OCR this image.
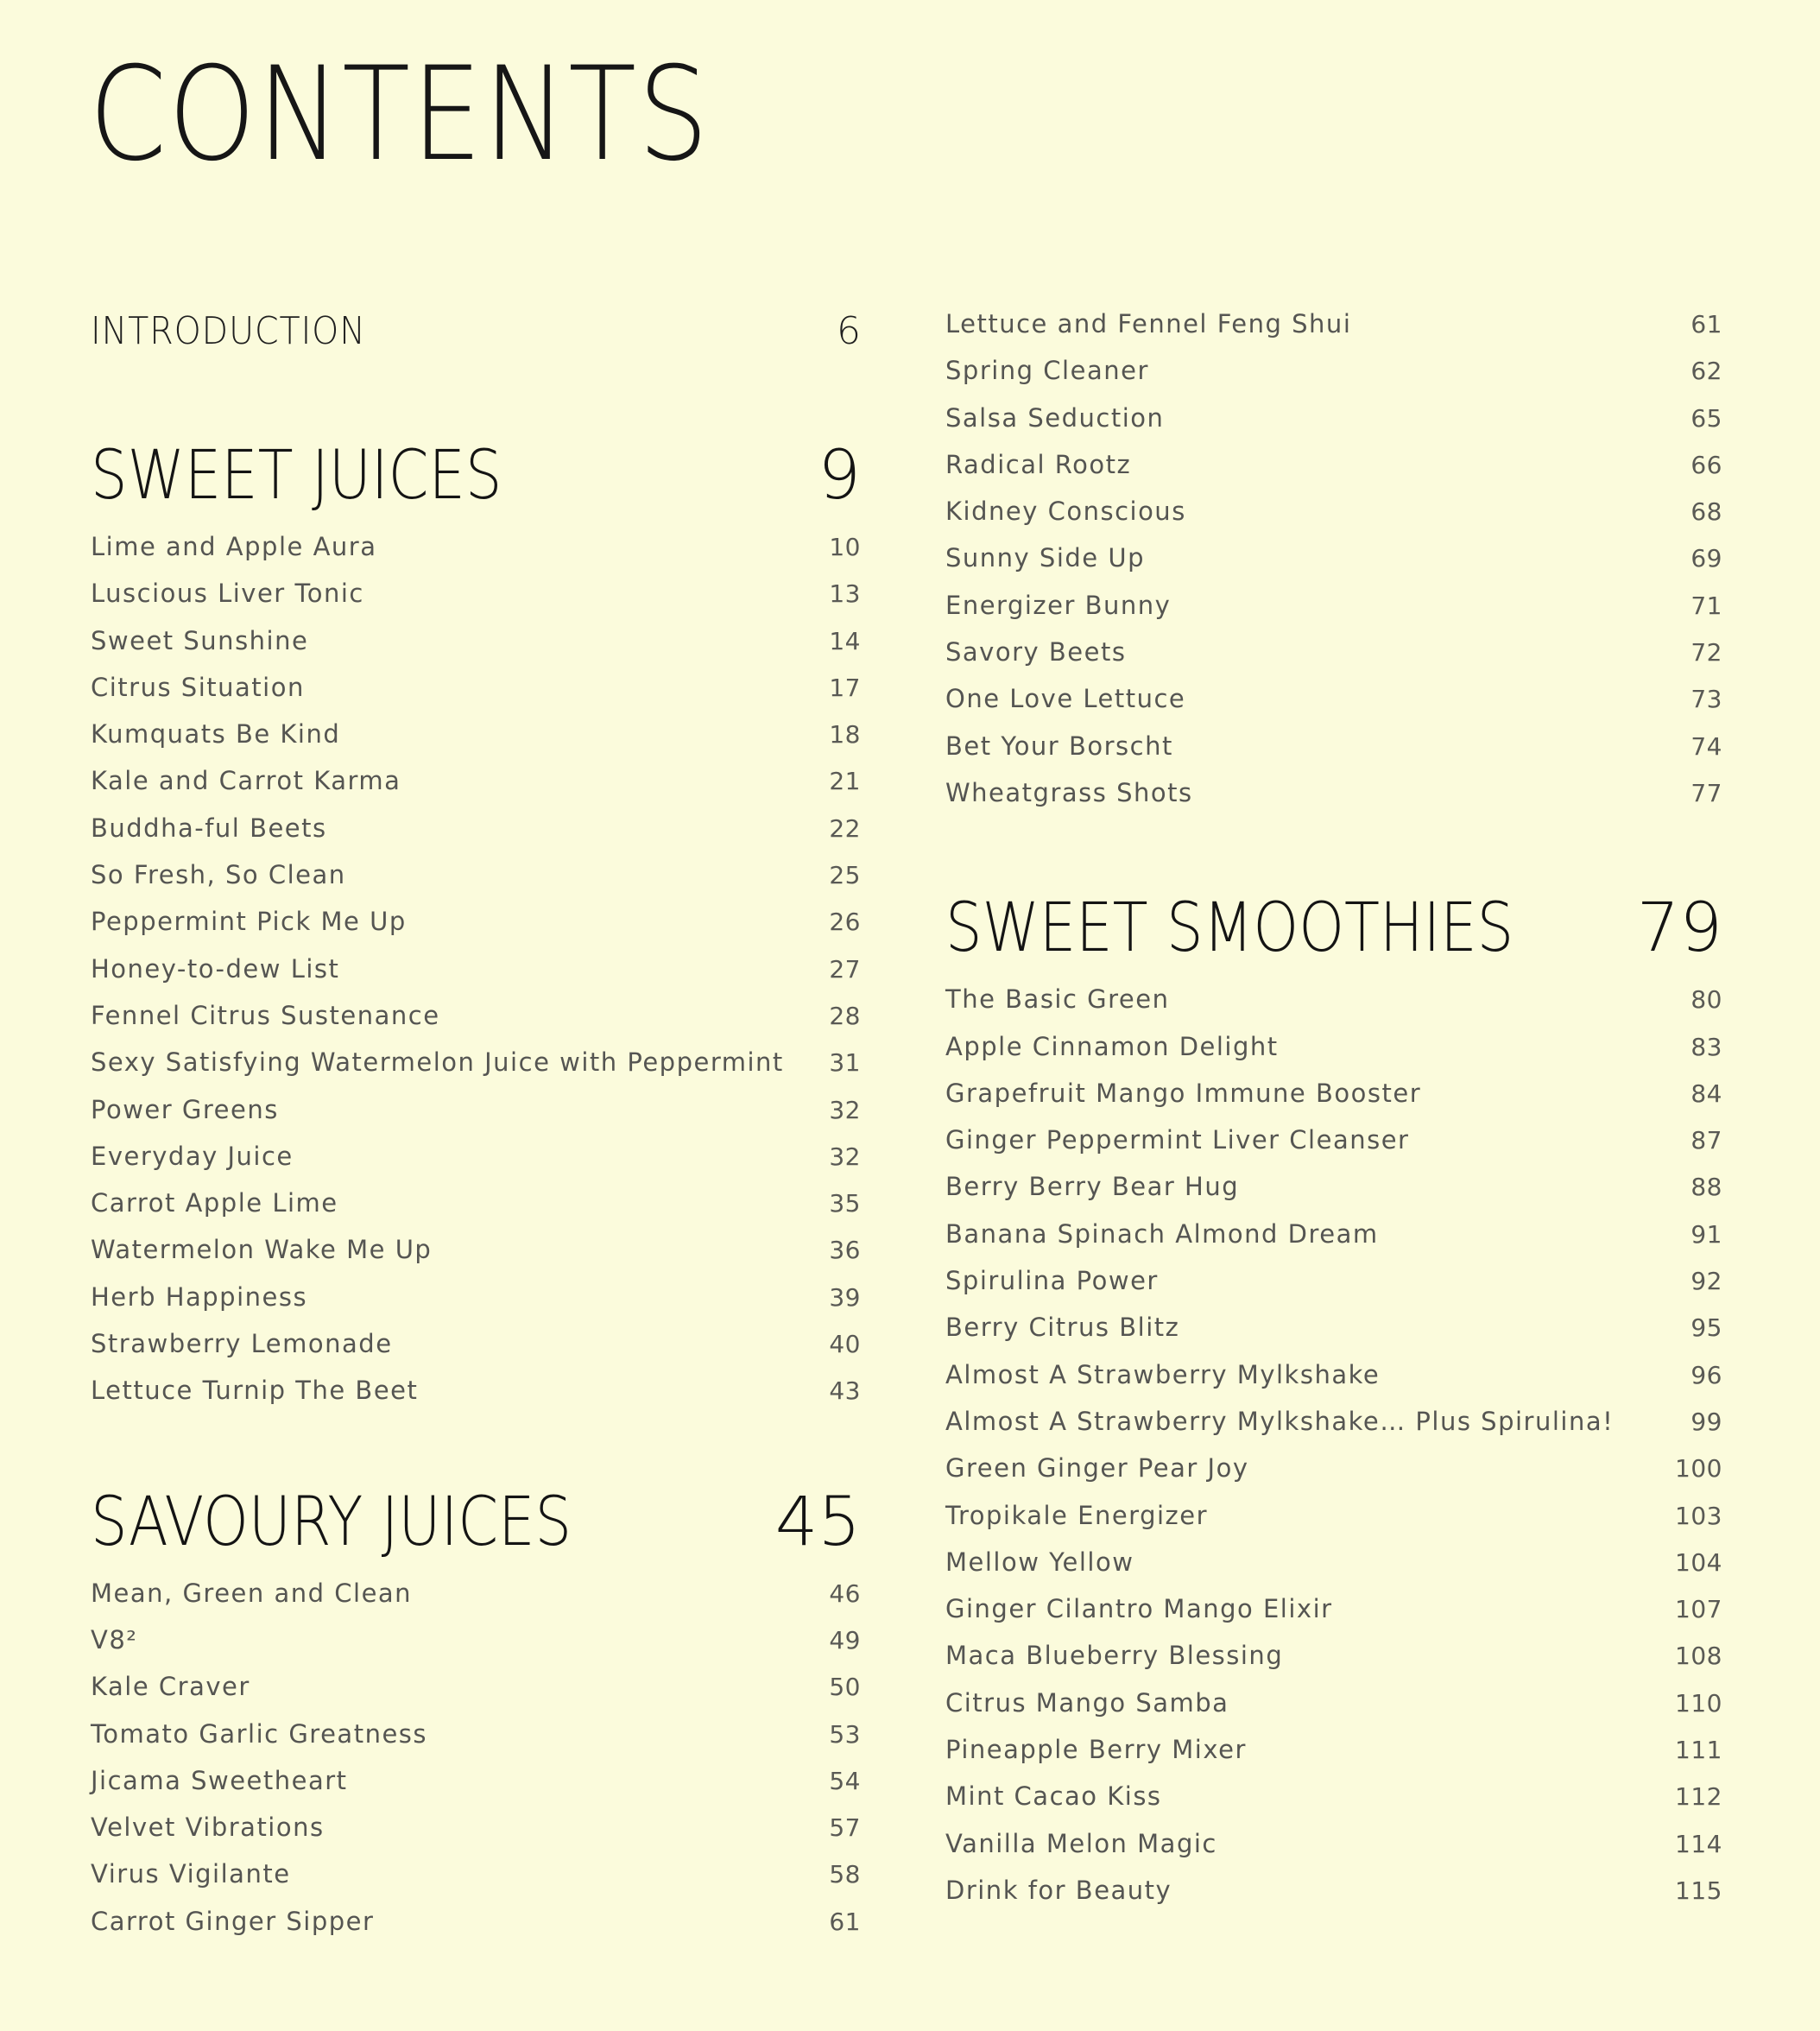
CONTENTS
INTRODUCTION	6
SWEET JUICES	9
Lime and Apple Aura	10
Luscious Liver Tonic	13
Sweet Sunshine	14
Citrus Situation	17
Kumquats Be Kind	18
Kale and Carrot Karma	21
Buddha-ful Beets	22
So Fresh, So Clean	25
Peppermint Pick Me Up	26
Honey-to-dew List	27
Fennel Citrus Sustenance	28
Sexy Satisfying Watermelon Juice with Peppermint 31
Power Greens	32
Everyday Juice	32
Carrot Apple Lime	35
Watermelon Wake Me Up	36
Herb Happiness	39
Strawberry Lemonade	40
Lettuce Turnip The Beet	43
SAVOURY JUICES	45
Mean, Green and Clean	46
V8²	49
Kale Craver	50
Tomato Garlic Greatness	53
Jicama Sweetheart	54
Velvet Vibrations	57
Virus Vigilante	58
Carrot Ginger Sipper	61
Lettuce and Fennel Feng Shui	61
Spring Cleaner	62
Salsa Seduction	65
Radical Rootz	66
Kidney Conscious	68
Sunny Side Up	69
Energizer Bunny	71
Savory Beets	72
One Love Lettuce	73
Bet Your Borscht	74
Wheatgrass Shots	77
SWEET SMOOTHIES 79
The Basic Green	80
Apple Cinnamon Delight	83
Grapefruit Mango Immune Booster	84
Ginger Peppermint Liver Cleanser	87
Berry Berry Bear Hug	88
Banana Spinach Almond Dream	91
Spirulina Power	92
Berry Citrus Blitz	95
Almost A Strawberry Mylkshake	96
Almost A Strawberry Mylkshake… Plus Spirulina!	99
Green Ginger Pear Joy	100
Tropikale Energizer	103
Mellow Yellow	104
Ginger Cilantro Mango Elixir	107
Maca Blueberry Blessing	108
Citrus Mango Samba	110
Pineapple Berry Mixer	111
Mint Cacao Kiss	112
Vanilla Melon Magic	114
Drink for Beauty	115
